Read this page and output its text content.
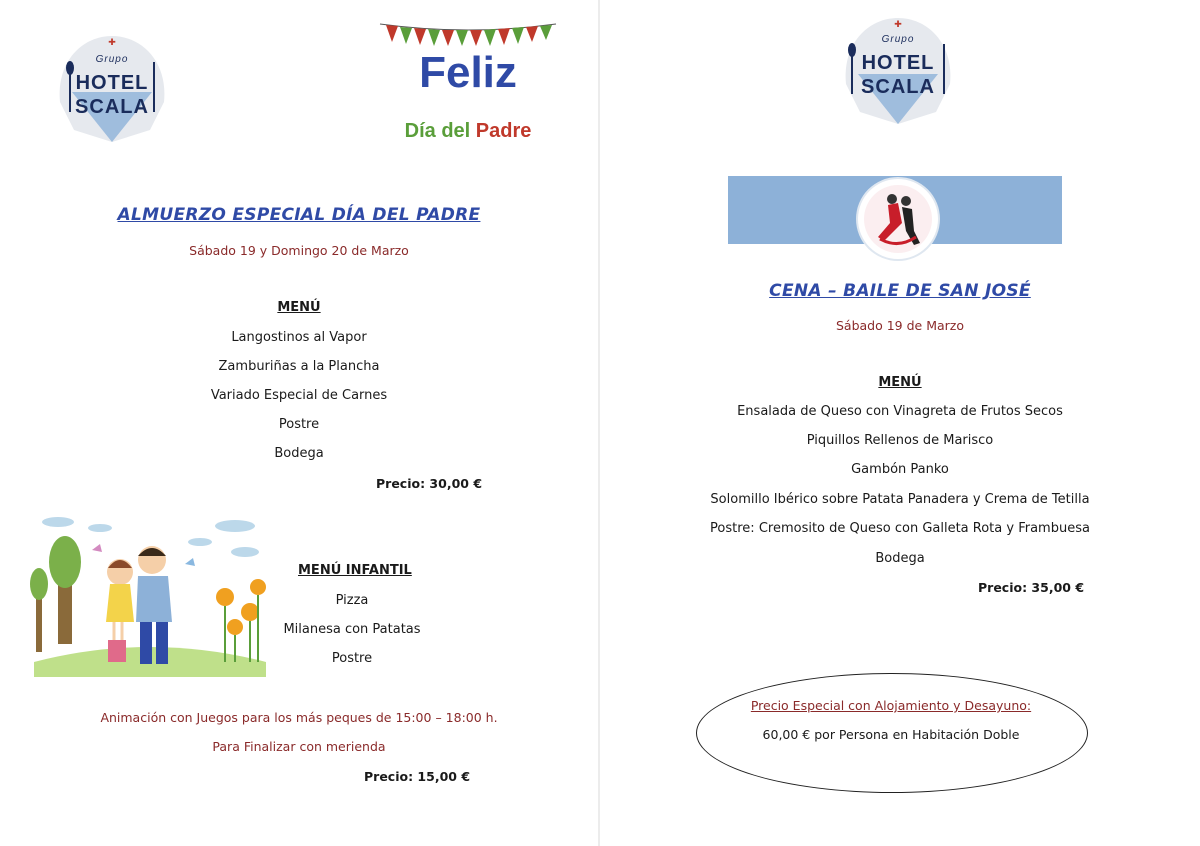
✚
Grupo
HOTEL
SCALA
Feliz
Día del Padre
ALMUERZO ESPECIAL DÍA DEL PADRE
Sábado 19 y Domingo 20 de Marzo
MENÚ
Langostinos al Vapor
Zamburiñas a la Plancha
Variado Especial de Carnes
Postre
Bodega
Precio: 30,00 €
MENÚ INFANTIL
Pizza
Milanesa con Patatas
Postre
Animación con Juegos para los más peques de 15:00 – 18:00 h.
Para Finalizar con merienda
Precio: 15,00 €
✚
Grupo
HOTEL
SCALA
CENA – BAILE DE SAN JOSÉ
Sábado 19 de Marzo
MENÚ
Ensalada de Queso con Vinagreta de Frutos Secos
Piquillos Rellenos de Marisco
Gambón Panko
Solomillo Ibérico sobre Patata Panadera y Crema de Tetilla
Postre: Cremosito de Queso con Galleta Rota y Frambuesa
Bodega
Precio: 35,00 €
Precio Especial con Alojamiento y Desayuno:
60,00 € por Persona en Habitación Doble
